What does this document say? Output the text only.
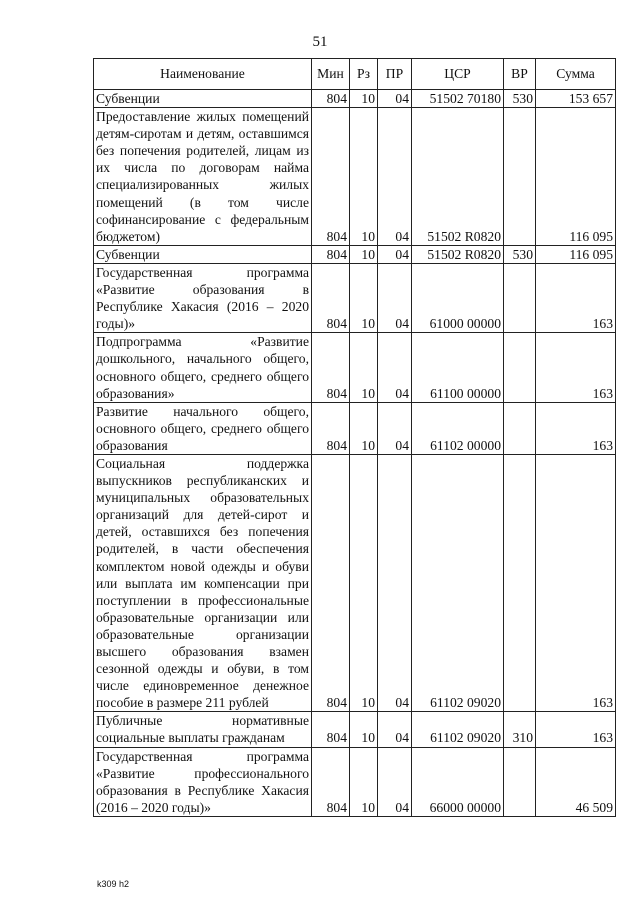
51
Наименование	Мин	Рз	ПР	ЦСР	ВР	Сумма
Субвенции	804	10	04	51502 70180	530	153 657
Предоставление жилых помещений детям-сиротам и детям, оставшимся без попечения родителей, лицам из их числа по договорам найма специализированных жилых помещений (в том числе софинансирование с федеральным бюджетом)	804	10	04	51502 R0820		116 095
Субвенции	804	10	04	51502 R0820	530	116 095
Государственная программа «Развитие образования в Республике Хакасия (2016 – 2020 годы)»	804	10	04	61000 00000		163
Подпрограмма «Развитие дошкольного, начального общего, основного общего, среднего общего образования»	804	10	04	61100 00000		163
Развитие начального общего, основного общего, среднего общего образования	804	10	04	61102 00000		163
Социальная поддержка выпускников республиканских и муниципальных образовательных организаций для детей-сирот и детей, оставшихся без попечения родителей, в части обеспечения комплектом новой одежды и обуви или выплата им компенсации при поступлении в профессиональные образовательные организации или образовательные организации высшего образования взамен сезонной одежды и обуви, в том числе единовременное денежное пособие в размере 211 рублей	804	10	04	61102 09020		163
Публичные нормативные социальные выплаты гражданам	804	10	04	61102 09020	310	163
Государственная программа «Развитие профессионального образования в Республике Хакасия (2016 – 2020 годы)»	804	10	04	66000 00000		46 509
k309 h2
